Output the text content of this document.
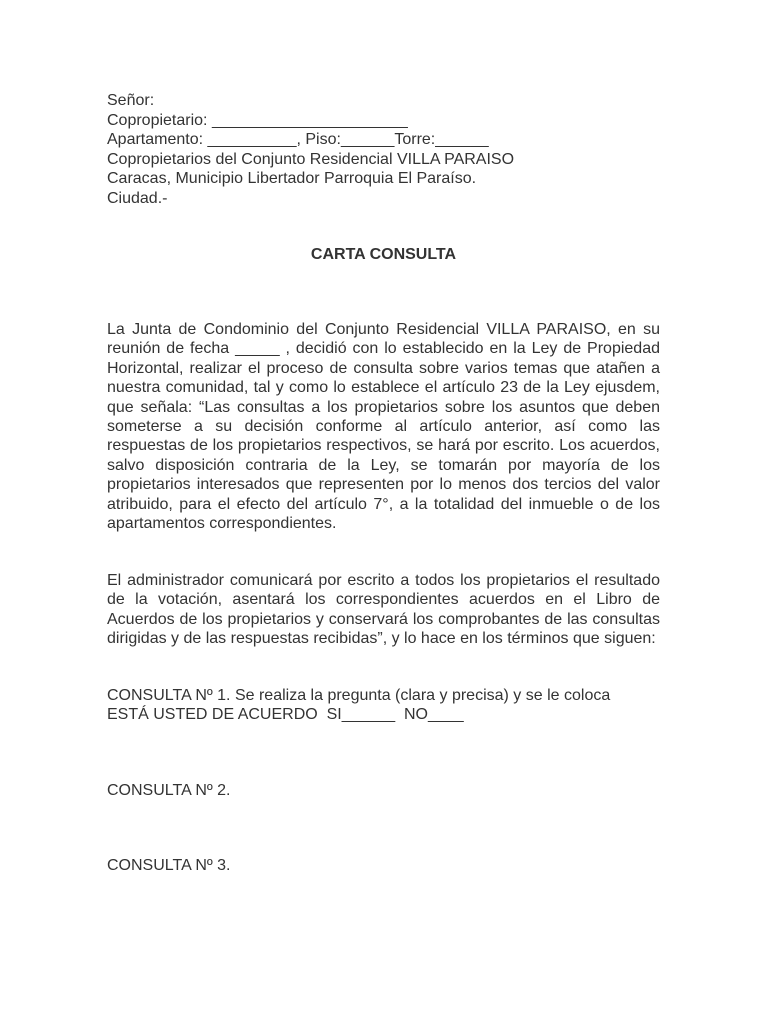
Señor:
Copropietario: ______________________
Apartamento: __________, Piso:______Torre:______
Copropietarios del Conjunto Residencial VILLA PARAISO
Caracas, Municipio Libertador Parroquia El Paraíso.
Ciudad.-
CARTA CONSULTA

La Junta de Condominio del Conjunto Residencial VILLA PARAISO, en su reunión de fecha _____ , decidió con lo establecido en la Ley de Propiedad Horizontal, realizar el proceso de consulta sobre varios temas que atañen a nuestra comunidad, tal y como lo establece el artículo 23 de la Ley ejusdem, que señala: “Las consultas a los propietarios sobre los asuntos que deben someterse a su decisión conforme al artículo anterior, así como las respuestas de los propietarios respectivos, se hará por escrito. Los acuerdos, salvo disposición contraria de la Ley, se tomarán por mayoría de los propietarios interesados que representen por lo menos dos tercios del valor atribuido, para el efecto del artículo 7°, a la totalidad del inmueble o de los apartamentos correspondientes.

El administrador comunicará por escrito a todos los propietarios el resultado de la votación, asentará los correspondientes acuerdos en el Libro de Acuerdos de los propietarios y conservará los comprobantes de las consultas dirigidas y de las respuestas recibidas”, y lo hace en los términos que siguen:

CONSULTA Nº 1. Se realiza la pregunta (clara y precisa) y se le coloca
ESTÁ USTED DE ACUERDO  SI______  NO____
CONSULTA Nº 2.
CONSULTA Nº 3.
